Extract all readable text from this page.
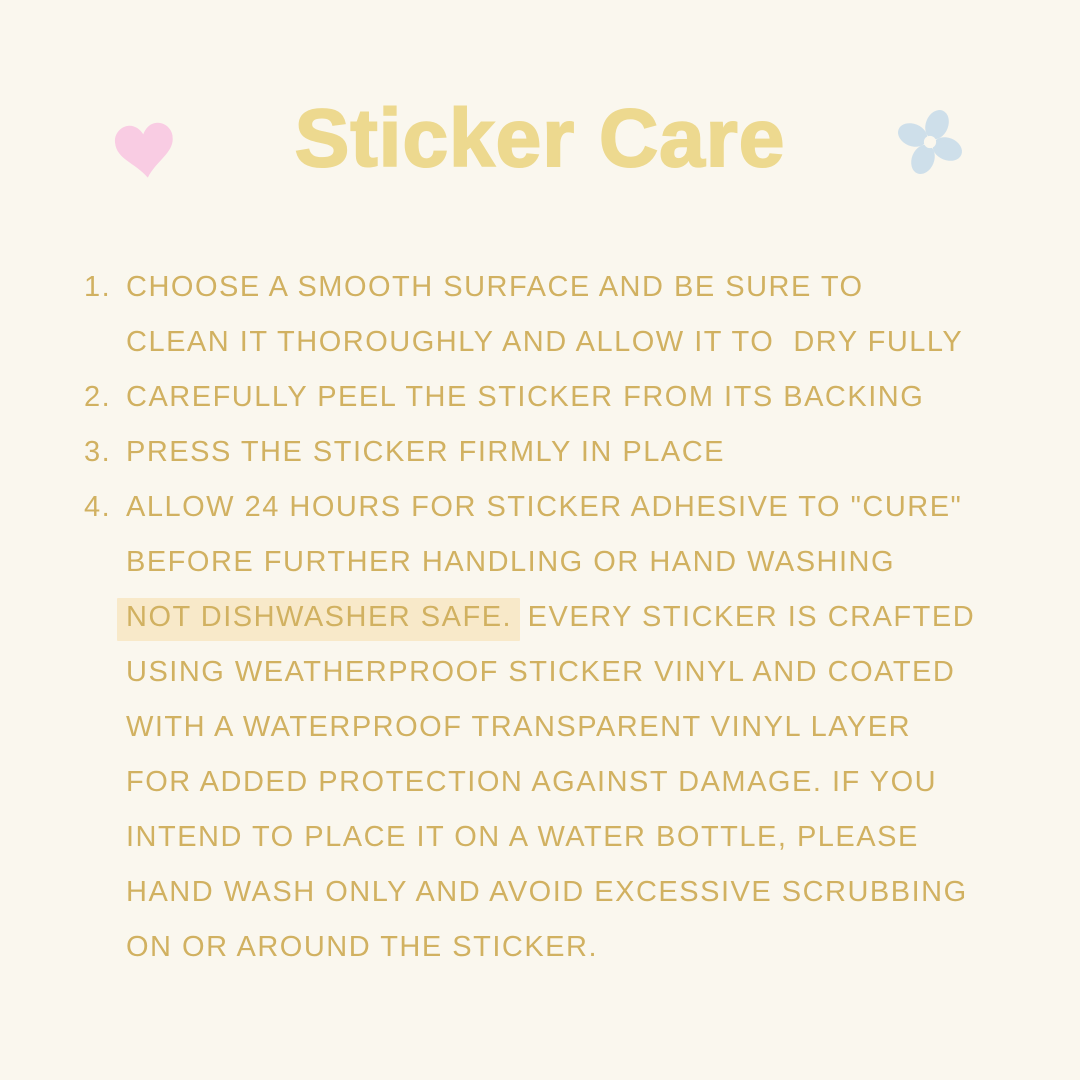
Sticker Care
1. CHOOSE A SMOOTH SURFACE AND BE SURE TO
CLEAN IT THOROUGHLY AND ALLOW IT TO  DRY FULLY
2. CAREFULLY PEEL THE STICKER FROM ITS BACKING
3. PRESS THE STICKER FIRMLY IN PLACE
4. ALLOW 24 HOURS FOR STICKER ADHESIVE TO "CURE"
BEFORE FURTHER HANDLING OR HAND WASHING
NOT DISHWASHER SAFE. EVERY STICKER IS CRAFTED
USING WEATHERPROOF STICKER VINYL AND COATED
WITH A WATERPROOF TRANSPARENT VINYL LAYER
FOR ADDED PROTECTION AGAINST DAMAGE. IF YOU
INTEND TO PLACE IT ON A WATER BOTTLE, PLEASE
HAND WASH ONLY AND AVOID EXCESSIVE SCRUBBING
ON OR AROUND THE STICKER.
